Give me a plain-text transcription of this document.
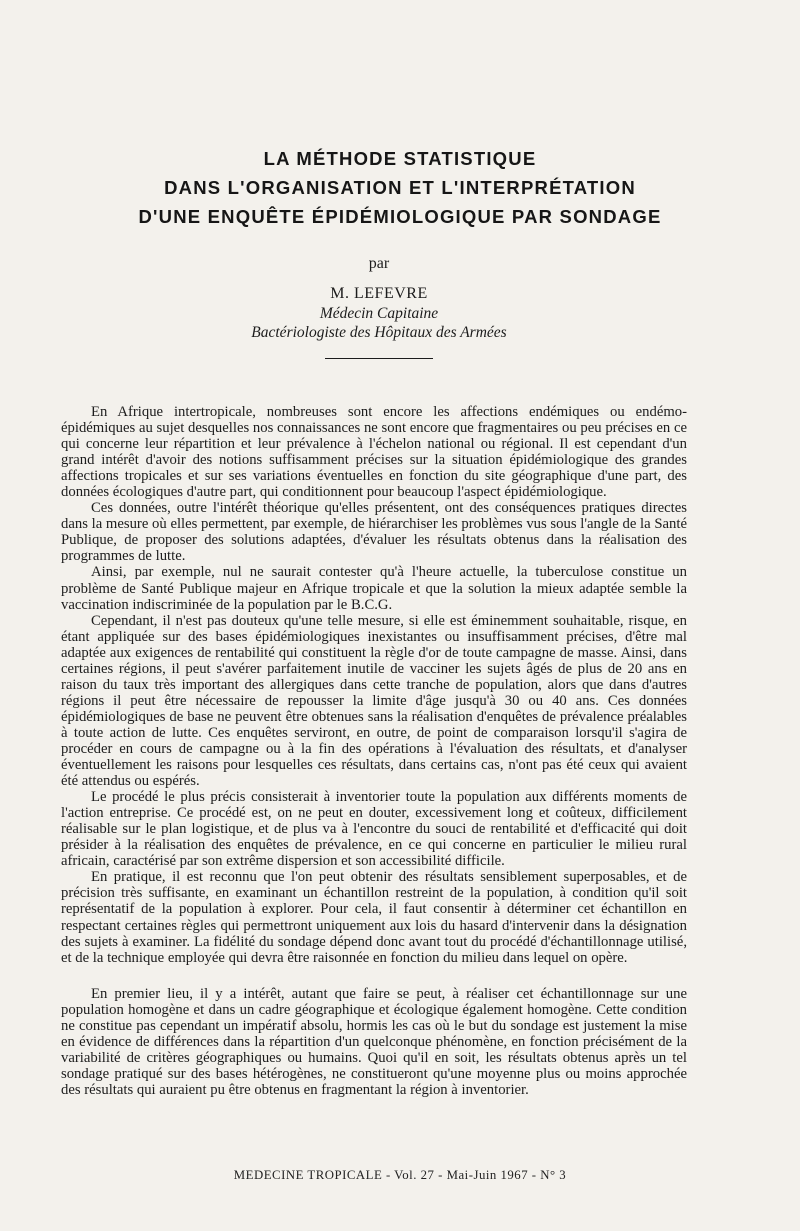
LA MÉTHODE STATISTIQUE
DANS L'ORGANISATION ET L'INTERPRÉTATION
D'UNE ENQUÊTE ÉPIDÉMIOLOGIQUE PAR SONDAGE
par
M. LEFEVRE
Médecin Capitaine
Bactériologiste des Hôpitaux des Armées

En Afrique intertropicale, nombreuses sont encore les affections endémiques ou endémo-épidémiques au sujet desquelles nos connaissances ne sont encore que fragmentaires ou peu précises en ce qui concerne leur répartition et leur prévalence à l'échelon national ou régional. Il est cependant d'un grand intérêt d'avoir des notions suffisamment précises sur la situation épidémiologique des grandes affections tropicales et sur ses variations éventuelles en fonction du site géographique d'une part, des données écologiques d'autre part, qui conditionnent pour beaucoup l'aspect épidémiologique.

Ces données, outre l'intérêt théorique qu'elles présentent, ont des conséquences pratiques directes dans la mesure où elles permettent, par exemple, de hiérarchiser les problèmes vus sous l'angle de la Santé Publique, de proposer des solutions adaptées, d'évaluer les résultats obtenus dans la réalisation des programmes de lutte.

Ainsi, par exemple, nul ne saurait contester qu'à l'heure actuelle, la tuberculose constitue un problème de Santé Publique majeur en Afrique tropicale et que la solution la mieux adaptée semble la vaccination indiscriminée de la population par le B.C.G.

Cependant, il n'est pas douteux qu'une telle mesure, si elle est éminemment souhaitable, risque, en étant appliquée sur des bases épidémiologiques inexistantes ou insuffisamment précises, d'être mal adaptée aux exigences de rentabilité qui constituent la règle d'or de toute campagne de masse. Ainsi, dans certaines régions, il peut s'avérer parfaitement inutile de vacciner les sujets âgés de plus de 20 ans en raison du taux très important des allergiques dans cette tranche de population, alors que dans d'autres régions il peut être nécessaire de repousser la limite d'âge jusqu'à 30 ou 40 ans. Ces données épidémiologiques de base ne peuvent être obtenues sans la réalisation d'enquêtes de prévalence préalables à toute action de lutte. Ces enquêtes serviront, en outre, de point de comparaison lorsqu'il s'agira de procéder en cours de campagne ou à la fin des opérations à l'évaluation des résultats, et d'analyser éventuellement les raisons pour lesquelles ces résultats, dans certains cas, n'ont pas été ceux qui avaient été attendus ou espérés.

Le procédé le plus précis consisterait à inventorier toute la population aux différents moments de l'action entreprise. Ce procédé est, on ne peut en douter, excessivement long et coûteux, difficilement réalisable sur le plan logistique, et de plus va à l'encontre du souci de rentabilité et d'efficacité qui doit présider à la réalisation des enquêtes de prévalence, en ce qui concerne en particulier le milieu rural africain, caractérisé par son extrême dispersion et son accessibilité difficile.

En pratique, il est reconnu que l'on peut obtenir des résultats sensiblement superposables, et de précision très suffisante, en examinant un échantillon restreint de la population, à condition qu'il soit représentatif de la population à explorer. Pour cela, il faut consentir à déterminer cet échantillon en respectant certaines règles qui permettront uniquement aux lois du hasard d'intervenir dans la désignation des sujets à examiner. La fidélité du sondage dépend donc avant tout du procédé d'échantillonnage utilisé, et de la technique employée qui devra être raisonnée en fonction du milieu dans lequel on opère.

En premier lieu, il y a intérêt, autant que faire se peut, à réaliser cet échantillonnage sur une population homogène et dans un cadre géographique et écologique également homogène. Cette condition ne constitue pas cependant un impératif absolu, hormis les cas où le but du sondage est justement la mise en évidence de différences dans la répartition d'un quelconque phénomène, en fonction précisément de la variabilité de critères géographiques ou humains. Quoi qu'il en soit, les résultats obtenus après un tel sondage pratiqué sur des bases hétérogènes, ne constitueront qu'une moyenne plus ou moins approchée des résultats qui auraient pu être obtenus en fragmentant la région à inventorier.

MEDECINE TROPICALE - Vol. 27 - Mai-Juin 1967 - N° 3
